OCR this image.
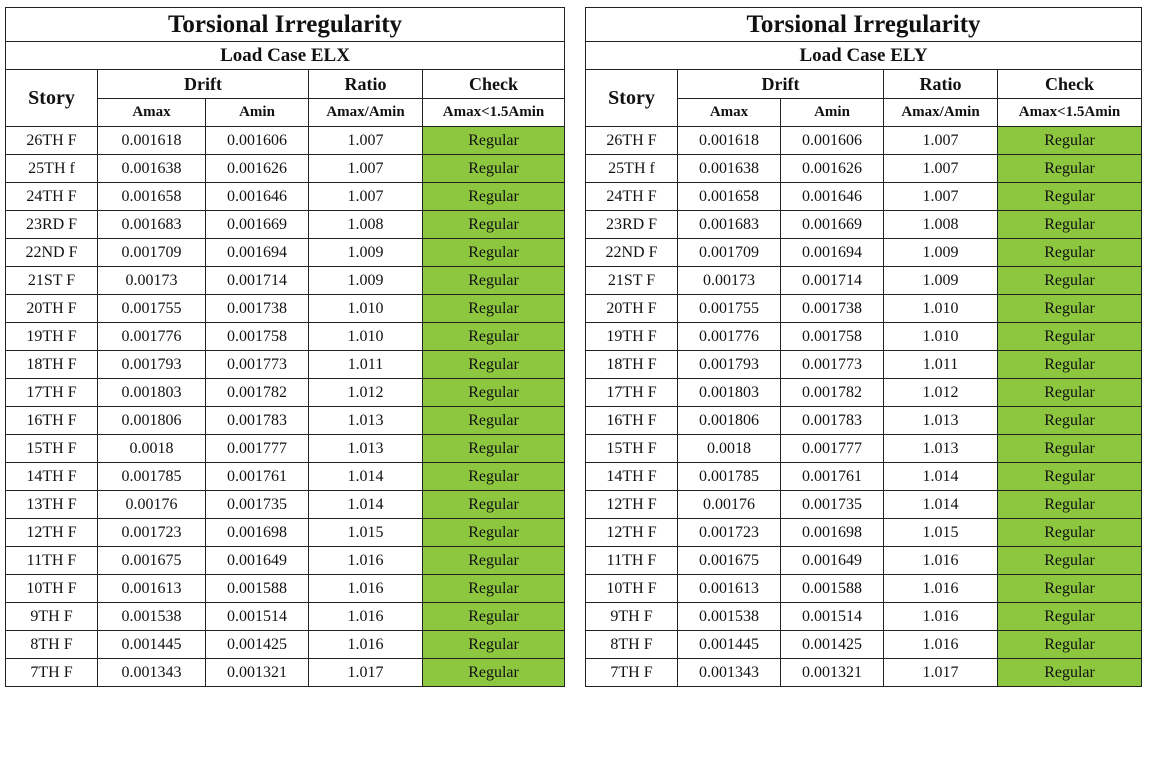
Torsional Irregularity				
Load Case ELX				
Story	Drift		Ratio	Check
	Amax	Amin	Amax/Amin	Amax<1.5Amin
26TH F	0.001618	0.001606	1.007	Regular
25TH f	0.001638	0.001626	1.007	Regular
24TH F	0.001658	0.001646	1.007	Regular
23RD F	0.001683	0.001669	1.008	Regular
22ND F	0.001709	0.001694	1.009	Regular
21ST F	0.00173	0.001714	1.009	Regular
20TH F	0.001755	0.001738	1.010	Regular
19TH F	0.001776	0.001758	1.010	Regular
18TH F	0.001793	0.001773	1.011	Regular
17TH F	0.001803	0.001782	1.012	Regular
16TH F	0.001806	0.001783	1.013	Regular
15TH F	0.0018	0.001777	1.013	Regular
14TH F	0.001785	0.001761	1.014	Regular
13TH F	0.00176	0.001735	1.014	Regular
12TH F	0.001723	0.001698	1.015	Regular
11TH F	0.001675	0.001649	1.016	Regular
10TH F	0.001613	0.001588	1.016	Regular
9TH F	0.001538	0.001514	1.016	Regular
8TH F	0.001445	0.001425	1.016	Regular
7TH F	0.001343	0.001321	1.017	Regular
Torsional Irregularity				
Load Case ELY				
Story	Drift		Ratio	Check
	Amax	Amin	Amax/Amin	Amax<1.5Amin
26TH F	0.001618	0.001606	1.007	Regular
25TH f	0.001638	0.001626	1.007	Regular
24TH F	0.001658	0.001646	1.007	Regular
23RD F	0.001683	0.001669	1.008	Regular
22ND F	0.001709	0.001694	1.009	Regular
21ST F	0.00173	0.001714	1.009	Regular
20TH F	0.001755	0.001738	1.010	Regular
19TH F	0.001776	0.001758	1.010	Regular
18TH F	0.001793	0.001773	1.011	Regular
17TH F	0.001803	0.001782	1.012	Regular
16TH F	0.001806	0.001783	1.013	Regular
15TH F	0.0018	0.001777	1.013	Regular
14TH F	0.001785	0.001761	1.014	Regular
12TH F	0.00176	0.001735	1.014	Regular
12TH F	0.001723	0.001698	1.015	Regular
11TH F	0.001675	0.001649	1.016	Regular
10TH F	0.001613	0.001588	1.016	Regular
9TH F	0.001538	0.001514	1.016	Regular
8TH F	0.001445	0.001425	1.016	Regular
7TH F	0.001343	0.001321	1.017	Regular
